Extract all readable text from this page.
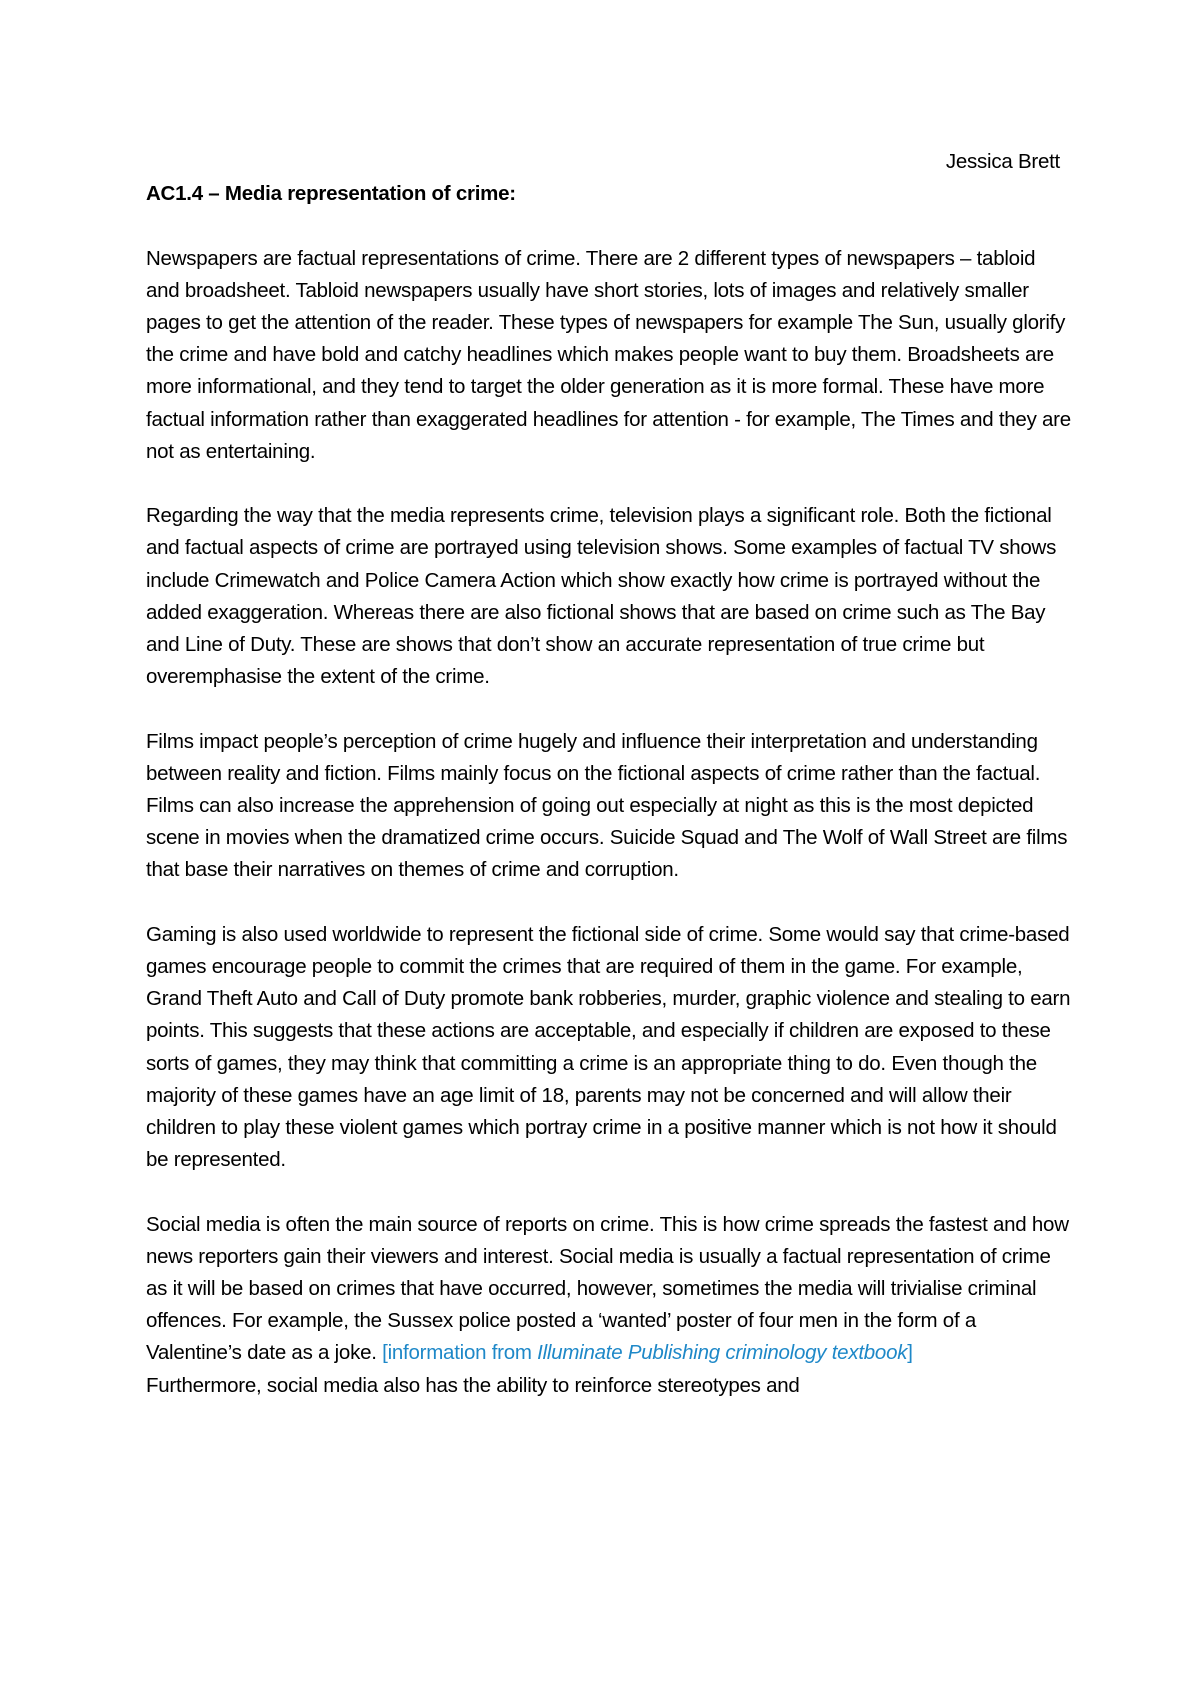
Jessica Brett

AC1.4 – Media representation of crime:

Newspapers are factual representations of crime. There are 2 different types of newspapers – tabloid and broadsheet. Tabloid newspapers usually have short stories, lots of images and relatively smaller pages to get the attention of the reader. These types of newspapers for example The Sun, usually glorify the crime and have bold and catchy headlines which makes people want to buy them. Broadsheets are more informational, and they tend to target the older generation as it is more formal. These have more factual information rather than exaggerated headlines for attention - for example, The Times and they are not as entertaining.

Regarding the way that the media represents crime, television plays a significant role. Both the fictional and factual aspects of crime are portrayed using television shows. Some examples of factual TV shows include Crimewatch and Police Camera Action which show exactly how crime is portrayed without the added exaggeration. Whereas there are also fictional shows that are based on crime such as The Bay and Line of Duty. These are shows that don’t show an accurate representation of true crime but overemphasise the extent of the crime.

Films impact people’s perception of crime hugely and influence their interpretation and understanding between reality and fiction. Films mainly focus on the fictional aspects of crime rather than the factual. Films can also increase the apprehension of going out especially at night as this is the most depicted scene in movies when the dramatized crime occurs. Suicide Squad and The Wolf of Wall Street are films that base their narratives on themes of crime and corruption.

Gaming is also used worldwide to represent the fictional side of crime. Some would say that crime-based games encourage people to commit the crimes that are required of them in the game. For example, Grand Theft Auto and Call of Duty promote bank robberies, murder, graphic violence and stealing to earn points. This suggests that these actions are acceptable, and especially if children are exposed to these sorts of games, they may think that committing a crime is an appropriate thing to do. Even though the majority of these games have an age limit of 18, parents may not be concerned and will allow their children to play these violent games which portray crime in a positive manner which is not how it should be represented.

Social media is often the main source of reports on crime. This is how crime spreads the fastest and how news reporters gain their viewers and interest. Social media is usually a factual representation of crime as it will be based on crimes that have occurred, however, sometimes the media will trivialise criminal offences. For example, the Sussex police posted a ‘wanted’ poster of four men in the form of a Valentine’s date as a joke. [information from Illuminate Publishing criminology textbook]
Furthermore, social media also has the ability to reinforce stereotypes and
